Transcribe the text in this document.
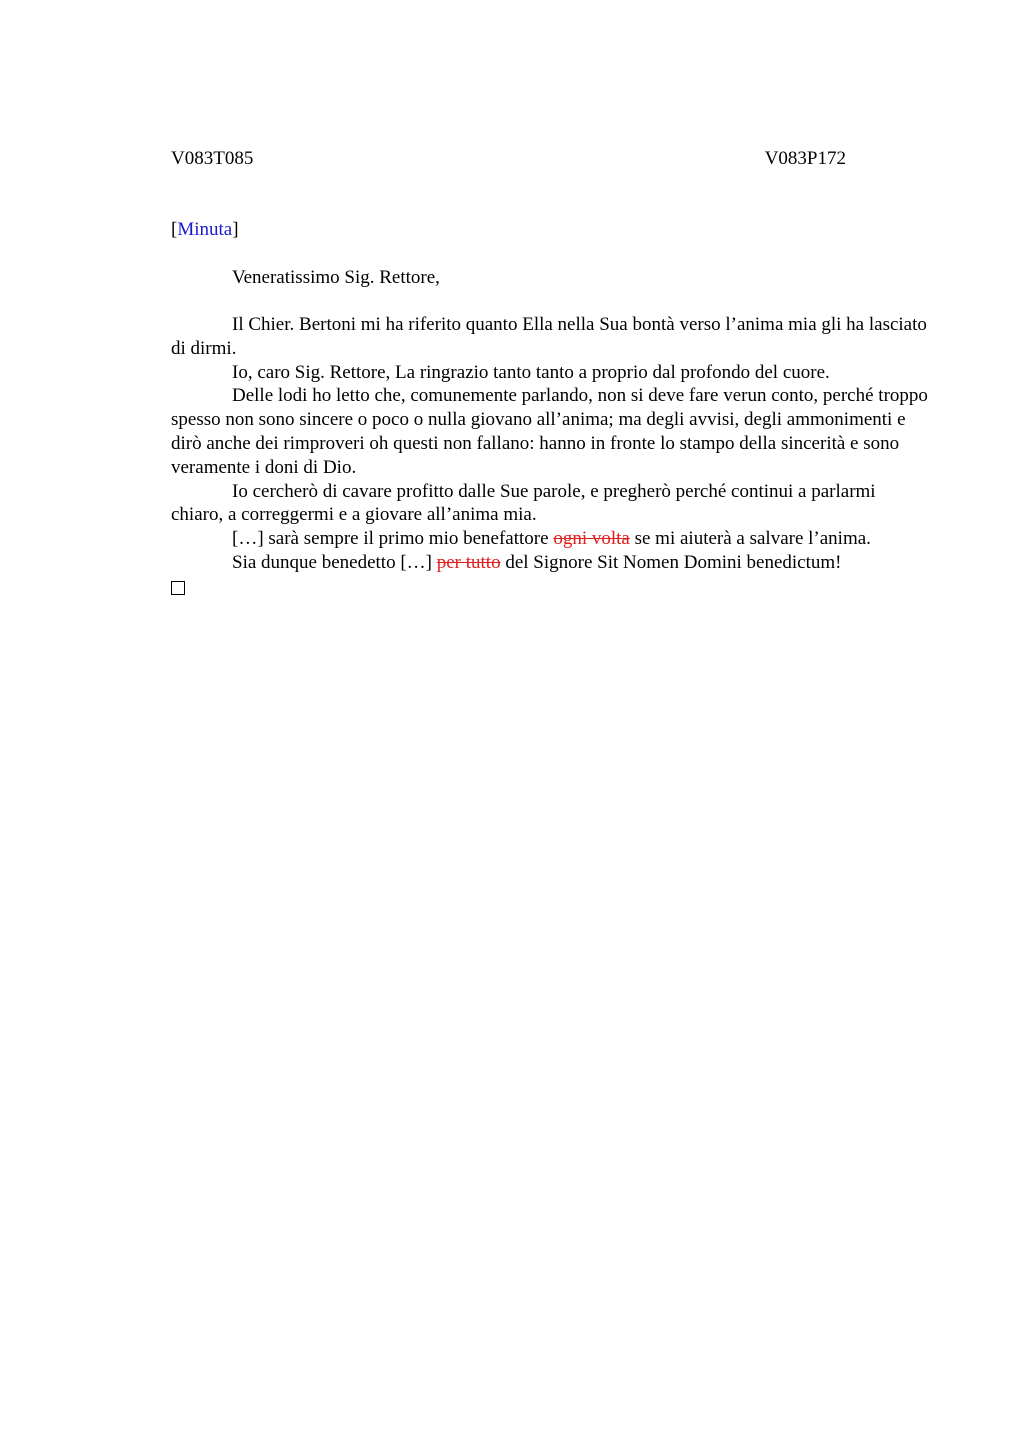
V083T085	V083P172
[Minuta]
Veneratissimo Sig. Rettore,

Il Chier. Bertoni mi ha riferito quanto Ella nella Sua bontà verso l’anima mia gli ha lasciato di dirmi.

Io, caro Sig. Rettore, La ringrazio tanto tanto a proprio dal profondo del cuore.

Delle lodi ho letto che, comunemente parlando, non si deve fare verun conto, perché troppo spesso non sono sincere o poco o nulla giovano all’anima; ma degli avvisi, degli ammonimenti e dirò anche dei rimproveri oh questi non fallano: hanno in fronte lo stampo della sincerità e sono veramente i doni di Dio.

Io cercherò di cavare profitto dalle Sue parole, e pregherò perché continui a parlarmi chiaro, a correggermi e a giovare all’anima mia.

[…] sarà sempre il primo mio benefattore ogni volta se mi aiuterà a salvare l’anima.

Sia dunque benedetto […] per tutto del Signore Sit Nomen Domini benedictum!
